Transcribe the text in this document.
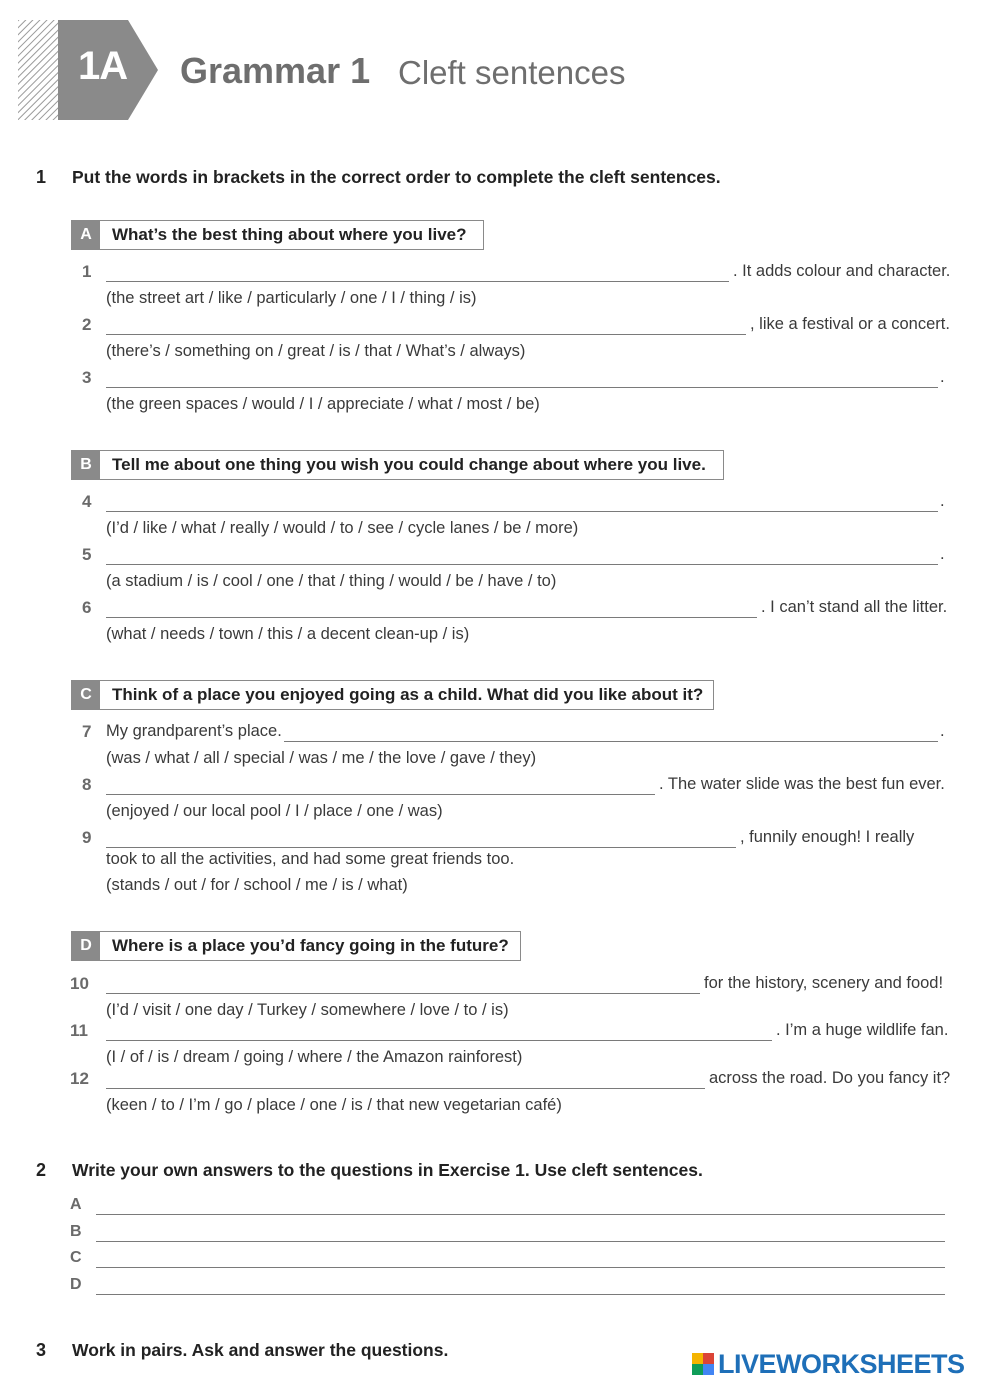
1A Grammar 1 Cleft sentences
1 Put the words in brackets in the correct order to complete the cleft sentences.
A	What’s the best thing about where you live?
1	. It adds colour and character.
(the street art / like / particularly / one / I / thing / is)
2	, like a festival or a concert.
(there’s / something on / great / is / that / What’s / always)
3	.
(the green spaces / would / I / appreciate / what / most / be)
B	Tell me about one thing you wish you could change about where you live.
4	.
(I’d / like / what / really / would / to / see / cycle lanes / be / more)
5	.
(a stadium / is / cool / one / that / thing / would / be / have / to)
6	. I can’t stand all the litter.
(what / needs / town / this / a decent clean-up / is)
C	Think of a place you enjoyed going as a child. What did you like about it?
7 My grandparent’s place.	.
(was / what / all / special / was / me / the love / gave / they)
8	. The water slide was the best fun ever.
(enjoyed / our local pool / I / place / one / was)
9	, funnily enough! I really
took to all the activities, and had some great friends too.
(stands / out / for / school / me / is / what)
D	Where is a place you’d fancy going in the future?
10	for the history, scenery and food!
(I’d / visit / one day / Turkey / somewhere / love / to / is)
11	. I’m a huge wildlife fan.
(I / of / is / dream / going / where / the Amazon rainforest)
12	across the road. Do you fancy it?
(keen / to / I’m / go / place / one / is / that new vegetarian café)
2 Write your own answers to the questions in Exercise 1. Use cleft sentences.
A
B
C
D
3 Work in pairs. Ask and answer the questions.	LIVEWORKSHEETS
